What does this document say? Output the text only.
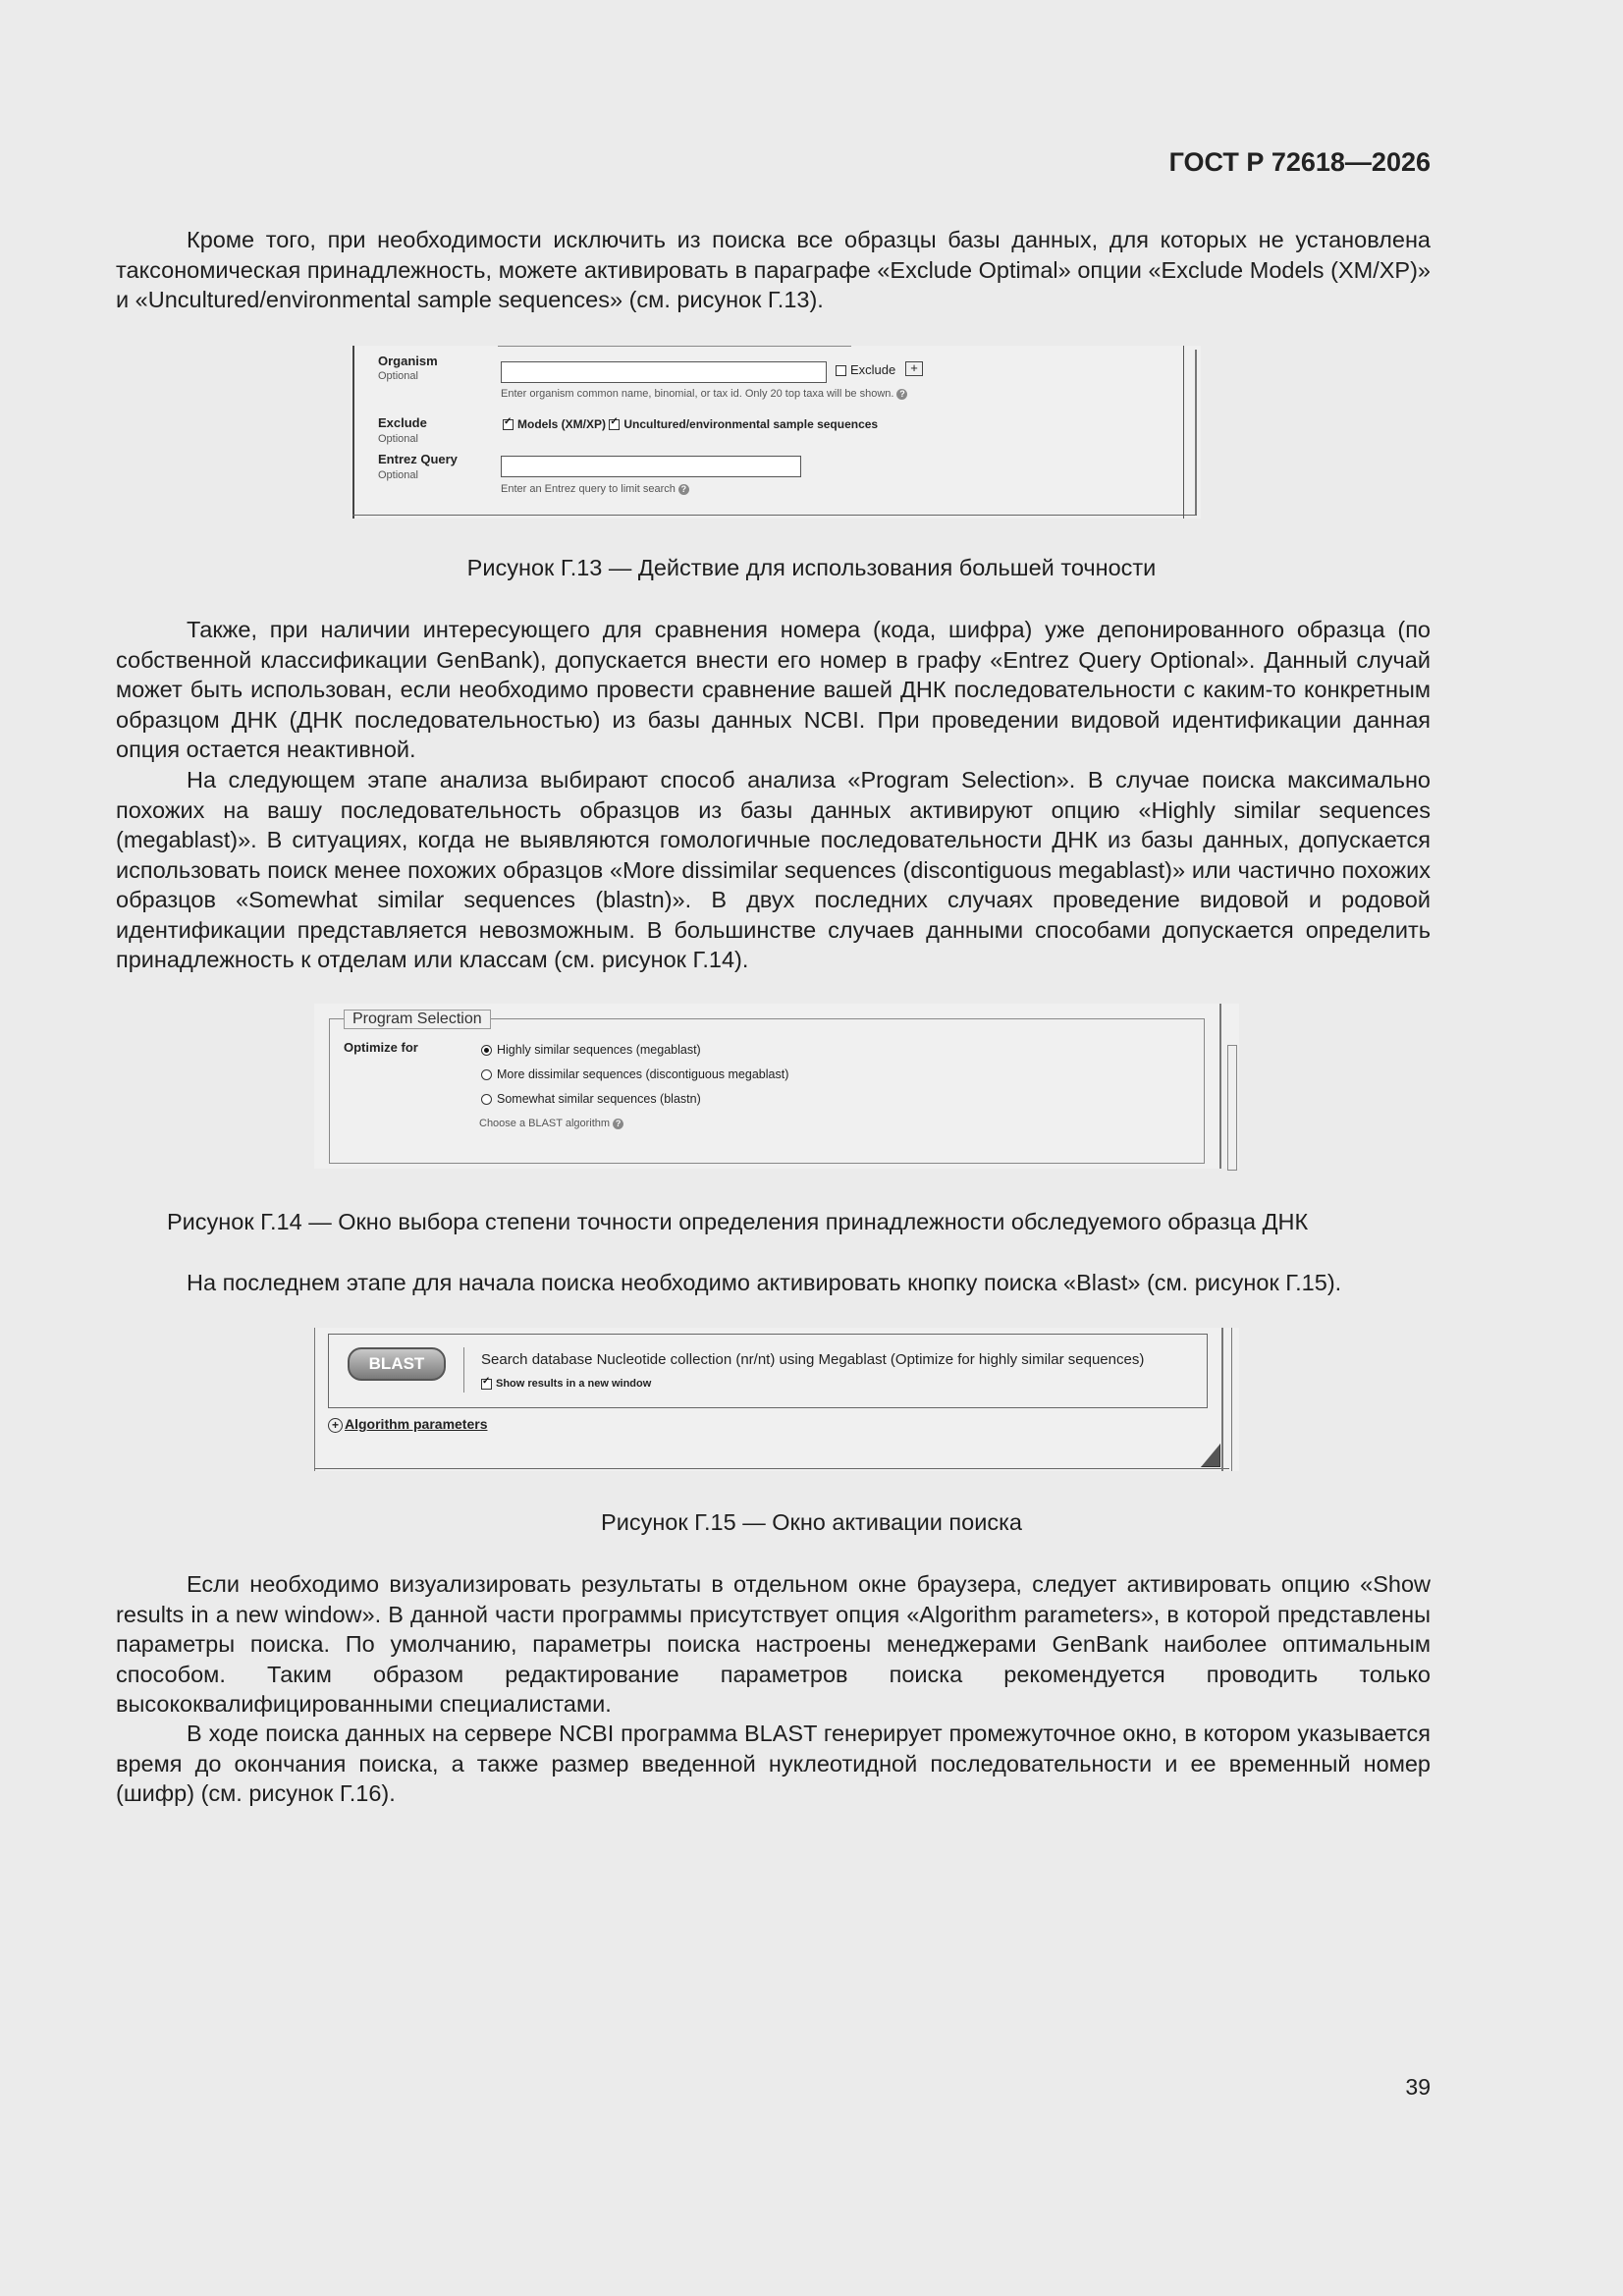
ГОСТ Р 72618—2026

Кроме того, при необходимости исключить из поиска все образцы базы данных, для которых не установлена таксономическая принадлежность, можете активировать в параграфе «Exclude Optimal» опции «Exclude Models (XM/XP)» и «Uncultured/environmental sample sequences» (см. рисунок Г.13).

Organism
Optional	Exclude	+
Enter organism common name, binomial, or tax id. Only 20 top taxa will be shown. ?
Exclude
Optional
✓Models (XM/XP) ✓ Uncultured/environmental sample sequences
Entrez Query
Optional
Enter an Entrez query to limit search ?

Рисунок Г.13 — Действие для использования большей точности

Также, при наличии интересующего для сравнения номера (кода, шифра) уже депонированного образца (по собственной классификации GenBank), допускается внести его номер в графу «Entrez Query Optional». Данный случай может быть использован, если необходимо провести сравнение вашей ДНК последовательности с каким-то конкретным образцом ДНК (ДНК последовательностью) из базы данных NCBI. При проведении видовой идентификации данная опция остается неактивной.

На следующем этапе анализа выбирают способ анализа «Program Selection». В случае поиска максимально похожих на вашу последовательность образцов из базы данных активируют опцию «Highly similar sequences (megablast)». В ситуациях, когда не выявляются гомологичные последовательности ДНК из базы данных, допускается использовать поиск менее похожих образцов «More dissimilar sequences (discontiguous megablast)» или частично похожих образцов «Somewhat similar sequences (blastn)». В двух последних случаях проведение видовой и родовой идентификации представляется невозможным. В большинстве случаев данными способами допускается определить принадлежность к отделам или классам (см. рисунок Г.14).

Program Selection
Optimize for	Highly similar sequences (megablast)
More dissimilar sequences (discontiguous megablast)
Somewhat similar sequences (blastn)
Choose a BLAST algorithm ?

Рисунок Г.14 — Окно выбора степени точности определения принадлежности обследуемого образца ДНК

На последнем этапе для начала поиска необходимо активировать кнопку поиска «Blast» (см. рисунок Г.15).

BLAST	Search database Nucleotide collection (nr/nt) using Megablast (Optimize for highly similar sequences)
✓Show results in a new window
+ Algorithm parameters

Рисунок Г.15 — Окно активации поиска

Если необходимо визуализировать результаты в отдельном окне браузера, следует активировать опцию «Show results in a new window». В данной части программы присутствует опция «Algorithm parameters», в которой представлены параметры поиска. По умолчанию, параметры поиска настроены менеджерами GenBank наиболее оптимальным способом. Таким образом редактирование параметров поиска рекомендуется проводить только высококвалифицированными специалистами.

В ходе поиска данных на сервере NCBI программа BLAST генерирует промежуточное окно, в котором указывается время до окончания поиска, а также размер введенной нуклеотидной последовательности и ее временный номер (шифр) (см. рисунок Г.16).

39
